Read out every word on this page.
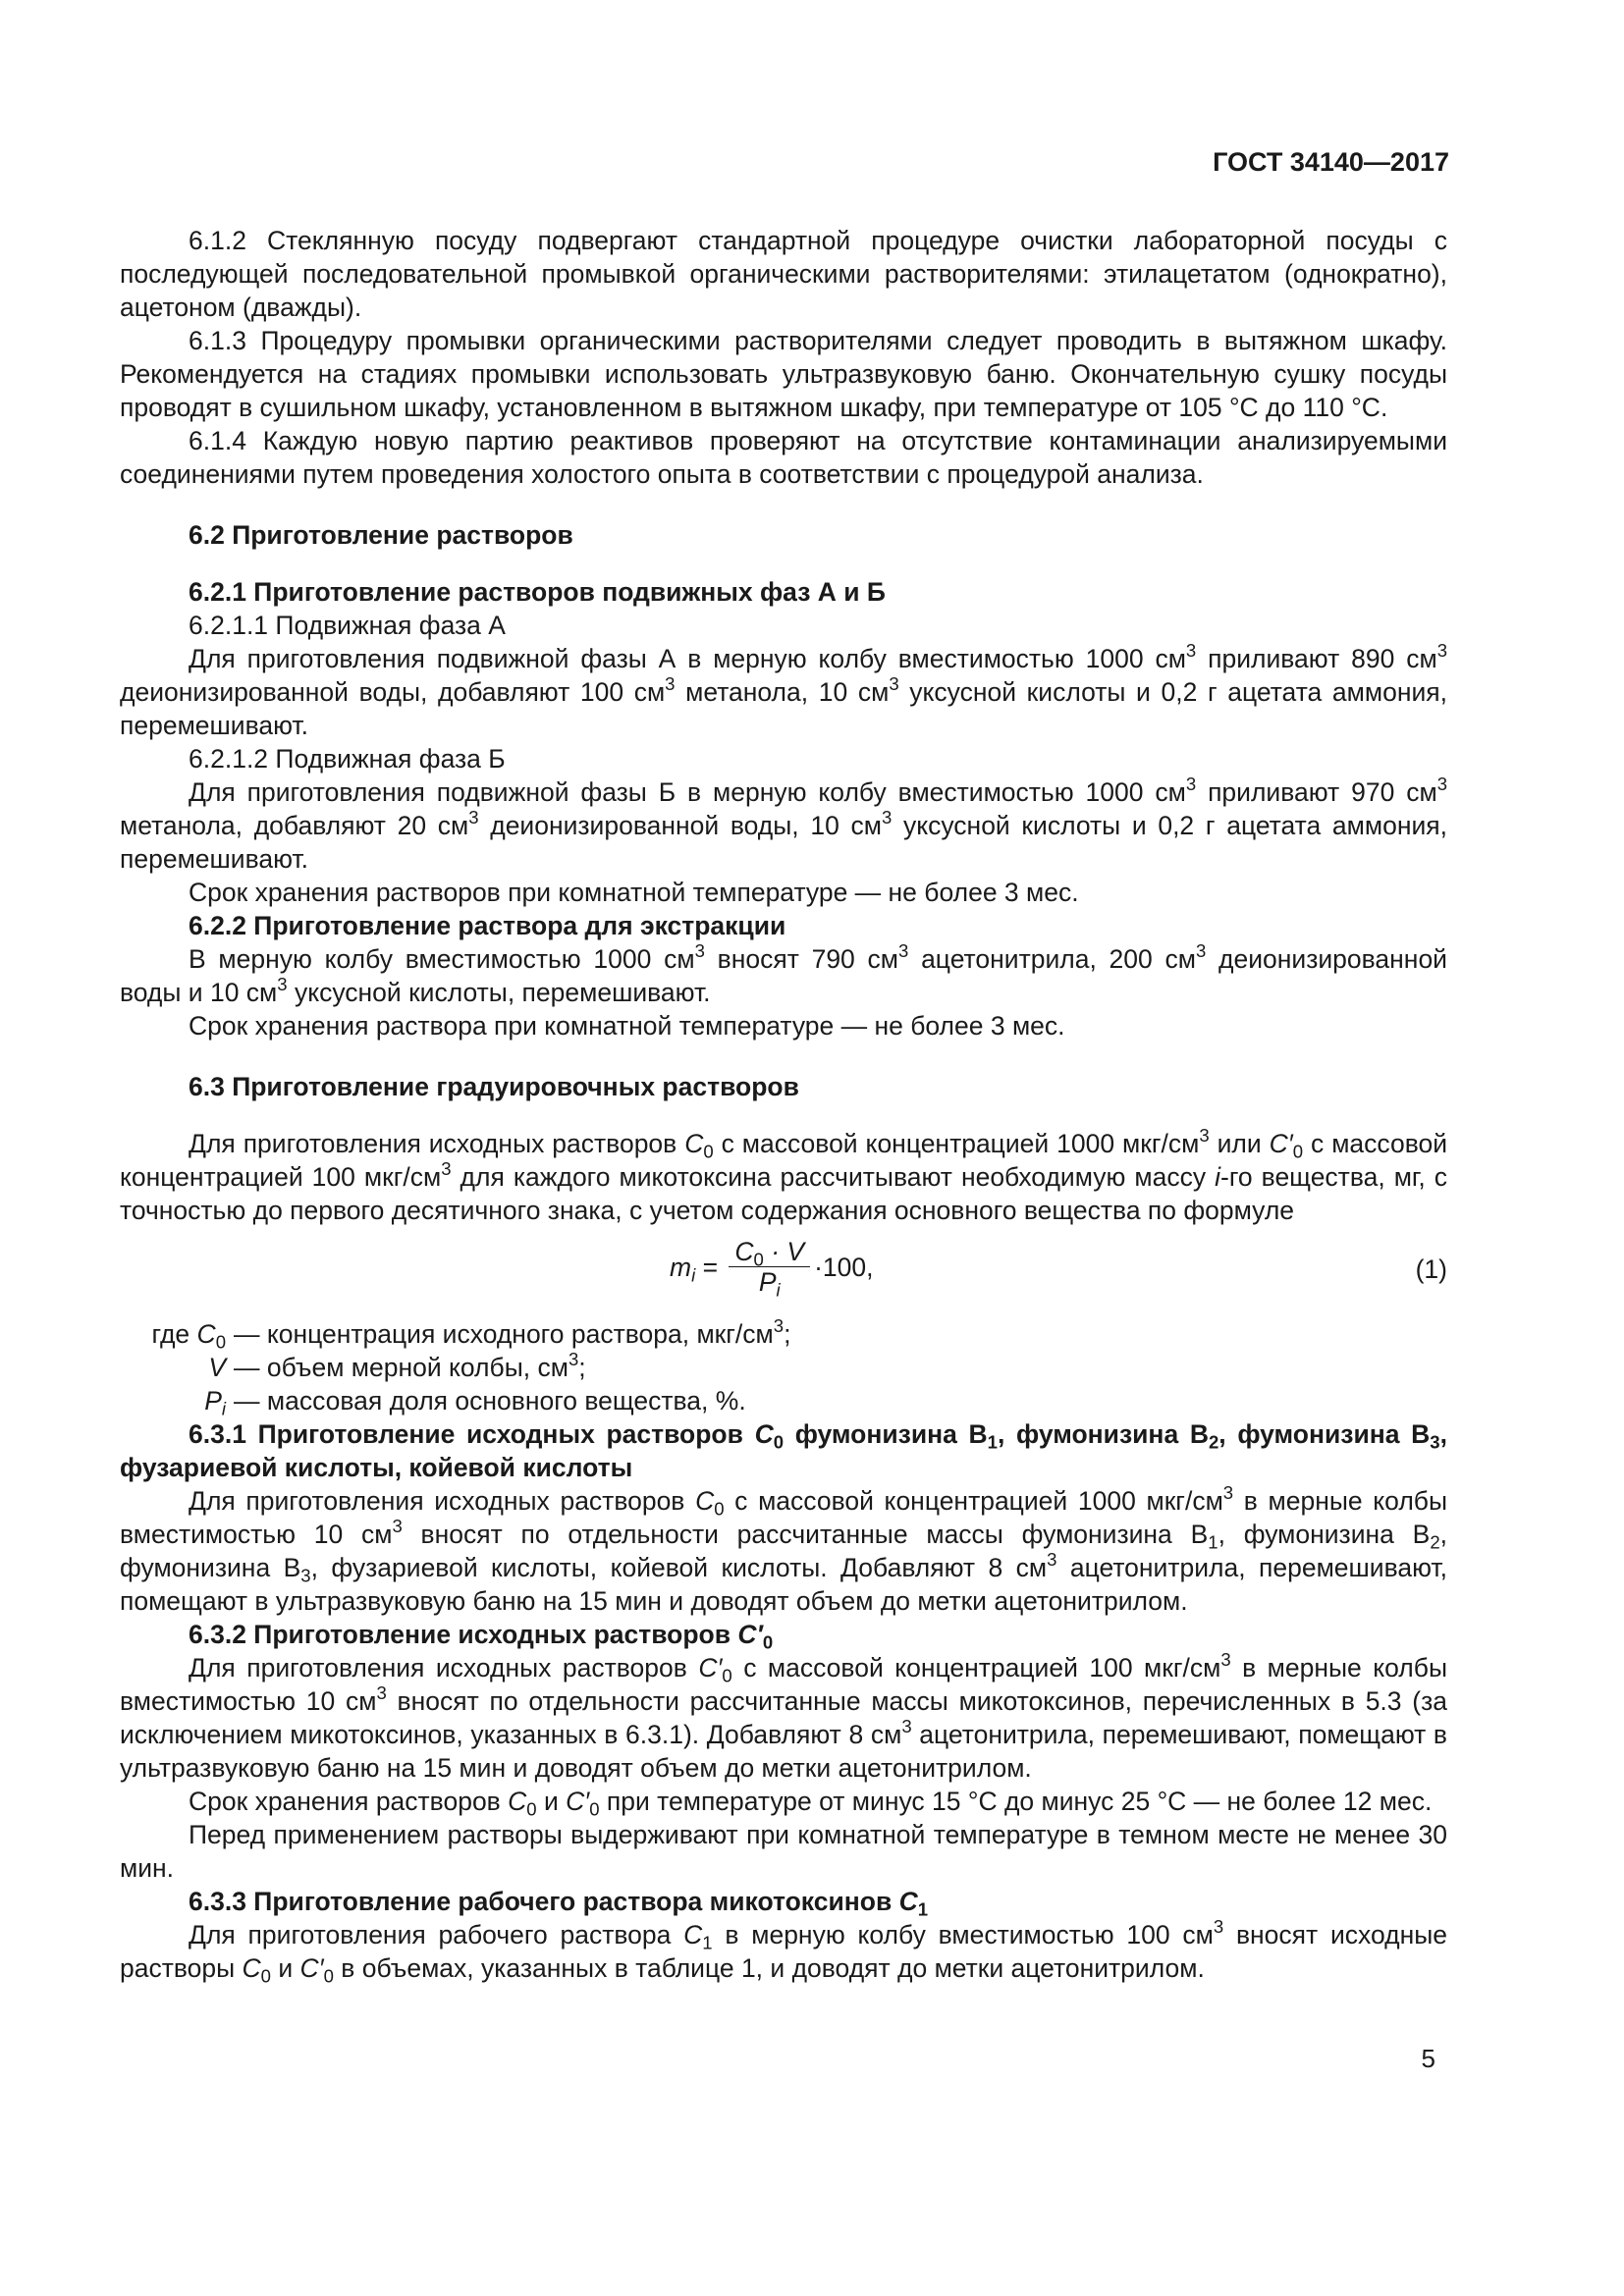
ГОСТ 34140—2017

6.1.2 Стеклянную посуду подвергают стандартной процедуре очистки лабораторной посуды с последующей последовательной промывкой органическими растворителями: этилацетатом (однократно), ацетоном (дважды).

6.1.3 Процедуру промывки органическими растворителями следует проводить в вытяжном шкафу. Рекомендуется на стадиях промывки использовать ультразвуковую баню. Окончательную сушку посуды проводят в сушильном шкафу, установленном в вытяжном шкафу, при температуре от 105 °С до 110 °С.

6.1.4 Каждую новую партию реактивов проверяют на отсутствие контаминации анализируемыми соединениями путем проведения холостого опыта в соответствии с процедурой анализа.

6.2 Приготовление растворов

6.2.1 Приготовление растворов подвижных фаз А и Б

6.2.1.1 Подвижная фаза А

Для приготовления подвижной фазы А в мерную колбу вместимостью 1000 $см^3$ приливают 890 $см^3$ деионизированной воды, добавляют 100 $см^3$ метанола, 10 $см^3$ уксусной кислоты и 0,2 г ацетата аммония, перемешивают.

6.2.1.2 Подвижная фаза Б

Для приготовления подвижной фазы Б в мерную колбу вместимостью 1000 $см^3$ приливают 970 $см^3$ метанола, добавляют 20 $см^3$ деионизированной воды, 10 $см^3$ уксусной кислоты и 0,2 г ацетата аммония, перемешивают.

Срок хранения растворов при комнатной температуре — не более 3 мес.

6.2.2 Приготовление раствора для экстракции

В мерную колбу вместимостью 1000 $см^3$ вносят 790 $см^3$ ацетонитрила, 200 $см^3$ деионизированной воды и 10 $см^3$ уксусной кислоты, перемешивают.

Срок хранения раствора при комнатной температуре — не более 3 мес.

6.3 Приготовление градуировочных растворов

Для приготовления исходных растворов $C_0$ с массовой концентрацией 1000 мкг/$см^3$ или $C'_0$ с массовой концентрацией 100 мкг/$см^3$ для каждого микотоксина рассчитывают необходимую массу i-го вещества, мг, с точностью до первого десятичного знака, с учетом содержания основного вещества по формуле

$m_i = \frac{C_0 \cdot V}{P_i} \cdot 100$,	(1)
где $C_0$ — концентрация исходного раствора, мкг/$см^3$;
V — объем мерной колбы, $см^3$;
$P_i$ — массовая доля основного вещества, %.

6.3.1 Приготовление исходных растворов $C_0$ фумонизина $В_1$, фумонизина $В_2$, фумонизина $В_3$, фузариевой кислоты, койевой кислоты

Для приготовления исходных растворов $C_0$ с массовой концентрацией 1000 мкг/$см^3$ в мерные колбы вместимостью 10 $см^3$ вносят по отдельности рассчитанные массы фумонизина $В_1$, фумонизина $В_2$, фумонизина $В_3$, фузариевой кислоты, койевой кислоты. Добавляют 8 $см^3$ ацетонитрила, перемешивают, помещают в ультразвуковую баню на 15 мин и доводят объем до метки ацетонитрилом.

6.3.2 Приготовление исходных растворов $C'_0$

Для приготовления исходных растворов $C'_0$ с массовой концентрацией 100 мкг/$см^3$ в мерные колбы вместимостью 10 $см^3$ вносят по отдельности рассчитанные массы микотоксинов, перечисленных в 5.3 (за исключением микотоксинов, указанных в 6.3.1). Добавляют 8 $см^3$ ацетонитрила, перемешивают, помещают в ультразвуковую баню на 15 мин и доводят объем до метки ацетонитрилом.

Срок хранения растворов $C_0$ и $C'_0$ при температуре от минус 15 °С до минус 25 °С — не более 12 мес.

Перед применением растворы выдерживают при комнатной температуре в темном месте не менее 30 мин.

6.3.3 Приготовление рабочего раствора микотоксинов $C_1$

Для приготовления рабочего раствора $C_1$ в мерную колбу вместимостью 100 $см^3$ вносят исходные растворы $C_0$ и $C'_0$ в объемах, указанных в таблице 1, и доводят до метки ацетонитрилом.

5
